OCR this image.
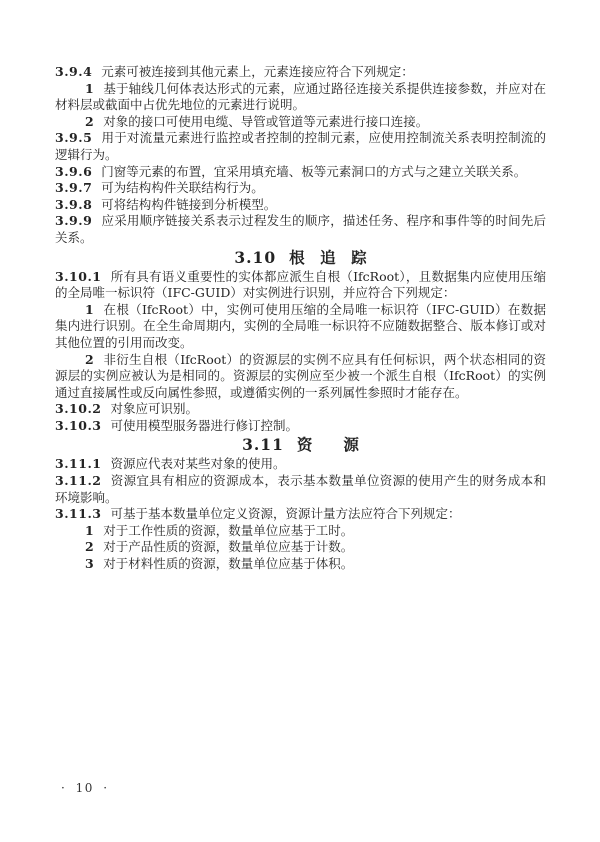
3.9.4 元素可被连接到其他元素上，元素连接应符合下列规定：

1 基于轴线几何体表达形式的元素，应通过路径连接关系提供连接参数，并应对在材料层或截面中占优先地位的元素进行说明。

2 对象的接口可使用电缆、导管或管道等元素进行接口连接。

3.9.5 用于对流量元素进行监控或者控制的控制元素，应使用控制流关系表明控制流的逻辑行为。

3.9.6 门窗等元素的布置，宜采用填充墙、板等元素洞口的方式与之建立关联关系。

3.9.7 可为结构构件关联结构行为。

3.9.8 可将结构构件链接到分析模型。

3.9.9 应采用顺序链接关系表示过程发生的顺序，描述任务、程序和事件等的时间先后关系。

3.10 根　追　踪

3.10.1 所有具有语义重要性的实体都应派生自根（IfcRoot），且数据集内应使用压缩的全局唯一标识符（IFC-GUID）对实例进行识别，并应符合下列规定：

1 在根（IfcRoot）中，实例可使用压缩的全局唯一标识符（IFC-GUID）在数据集内进行识别。在全生命周期内，实例的全局唯一标识符不应随数据整合、版本修订或对其他位置的引用而改变。

2 非衍生自根（IfcRoot）的资源层的实例不应具有任何标识，两个状态相同的资源层的实例应被认为是相同的。资源层的实例应至少被一个派生自根（IfcRoot）的实例通过直接属性或反向属性参照，或遵循实例的一系列属性参照时才能存在。

3.10.2 对象应可识别。

3.10.3 可使用模型服务器进行修订控制。

3.11 资　　源

3.11.1 资源应代表对某些对象的使用。

3.11.2 资源宜具有相应的资源成本，表示基本数量单位资源的使用产生的财务成本和环境影响。

3.11.3 可基于基本数量单位定义资源，资源计量方法应符合下列规定：

1 对于工作性质的资源，数量单位应基于工时。

2 对于产品性质的资源，数量单位应基于计数。

3 对于材料性质的资源，数量单位应基于体积。

· 10 ·
